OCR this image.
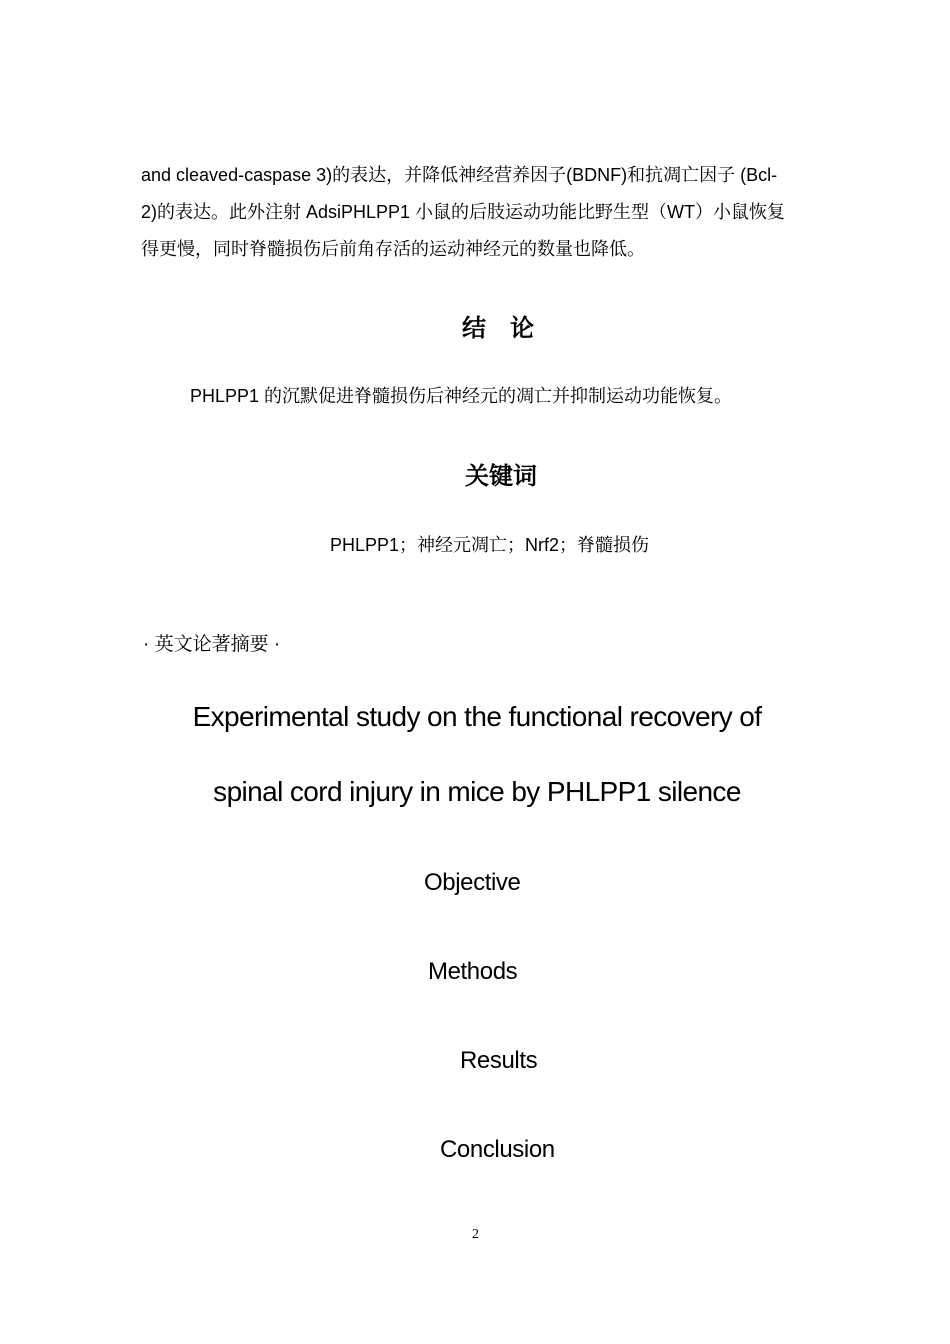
and cleaved-caspase 3)的表达，并降低神经营养因子(BDNF)和抗凋亡因子 (Bcl-
2)的表达。此外注射 AdsiPHLPP1 小鼠的后肢运动功能比野生型（WT）小鼠恢复
得更慢，同时脊髓损伤后前角存活的运动神经元的数量也降低。
结　论
PHLPP1 的沉默促进脊髓损伤后神经元的凋亡并抑制运动功能恢复。
关键词
PHLPP1；神经元凋亡；Nrf2；脊髓损伤
· 英文论著摘要 ·
Experimental study on the functional recovery of
spinal cord injury in mice by PHLPP1 silence
Objective
Methods
Results
Conclusion
2
